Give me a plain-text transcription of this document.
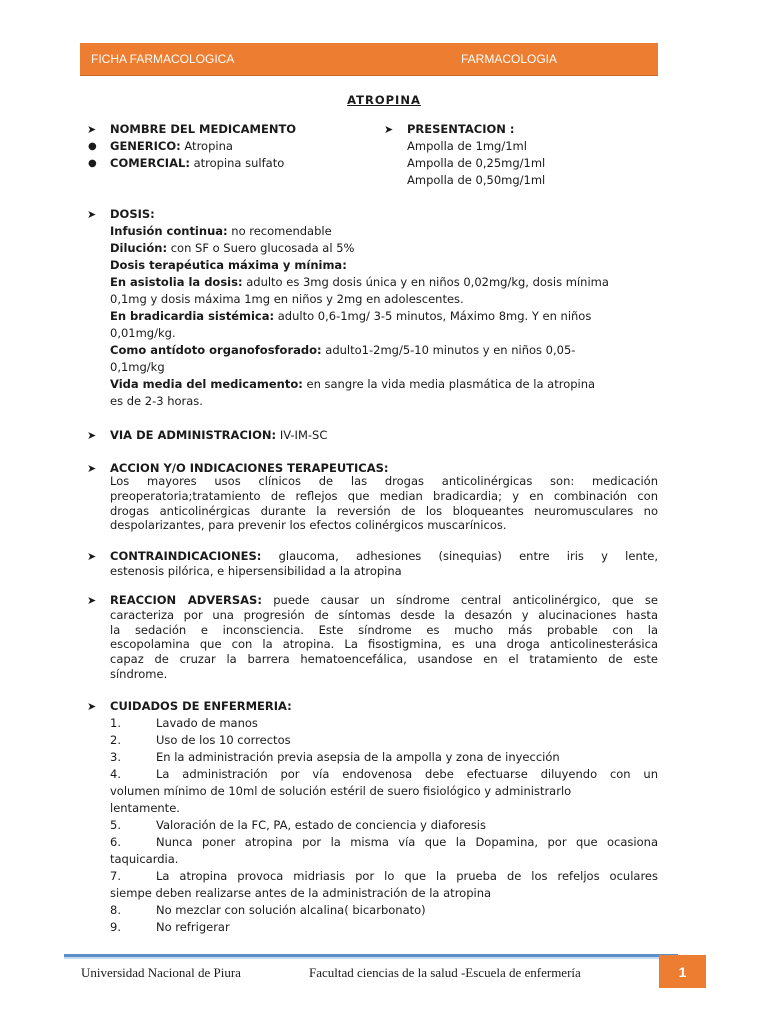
FICHA FARMACOLOGICA	FARMACOLOGIA
ATROPINA
➤ NOMBRE DEL MEDICAMENTO
● GENERICO: Atropina
● COMERCIAL: atropina sulfato
➤ PRESENTACION :
Ampolla de 1mg/1ml
Ampolla de 0,25mg/1ml
Ampolla de 0,50mg/1ml
➤ DOSIS:
Infusión continua: no recomendable
Dilución: con SF o Suero glucosada al 5%
Dosis terapéutica máxima y mínima:
En asistolia la dosis: adulto es 3mg dosis única y en niños 0,02mg/kg, dosis mínima
0,1mg y dosis máxima 1mg en niños y 2mg en adolescentes.
En bradicardia sistémica: adulto 0,6-1mg/ 3-5 minutos, Máximo 8mg. Y en niños
0,01mg/kg.
Como antídoto organofosforado: adulto1-2mg/5-10 minutos y en niños 0,05-
0,1mg/kg
Vida media del medicamento: en sangre la vida media plasmática de la atropina
es de 2-3 horas.
➤ VIA DE ADMINISTRACION: IV-IM-SC
➤ ACCION Y/O INDICACIONES TERAPEUTICAS:
Los mayores usos clínicos de las drogas anticolinérgicas son: medicación
preoperatoria;tratamiento de reflejos que median bradicardia; y en combinación con
drogas anticolinérgicas durante la reversión de los bloqueantes neuromusculares no
despolarizantes, para prevenir los efectos colinérgicos muscarínicos.
➤ CONTRAINDICACIONES: glaucoma, adhesiones (sinequias) entre iris y lente,
estenosis pilórica, e hipersensibilidad a la atropina
➤ REACCION ADVERSAS: puede causar un síndrome central anticolinérgico, que se
caracteriza por una progresión de síntomas desde la desazón y alucinaciones hasta
la sedación e inconsciencia. Este síndrome es mucho más probable con la
escopolamina que con la atropina. La fisostigmina, es una droga anticolinesterásica
capaz de cruzar la barrera hematoencefálica, usandose en el tratamiento de este
síndrome.
➤ CUIDADOS DE ENFERMERIA:
1.	Lavado de manos
2.	Uso de los 10 correctos
3.	En la administración previa asepsia de la ampolla y zona de inyección
4.	La administración por vía endovenosa debe efectuarse diluyendo con un
volumen mínimo de 10ml de solución estéril de suero fisiológico y administrarlo
lentamente.
5.	Valoración de la FC, PA, estado de conciencia y diaforesis
6.	Nunca poner atropina por la misma vía que la Dopamina, por que ocasiona
taquicardia.
7.	La atropina provoca midriasis por lo que la prueba de los refeljos oculares
siempe deben realizarse antes de la administración de la atropina
8.	No mezclar con solución alcalina( bicarbonato)
9.	No refrigerar
Universidad Nacional de Piura	Facultad ciencias de la salud -Escuela de enfermería	1
